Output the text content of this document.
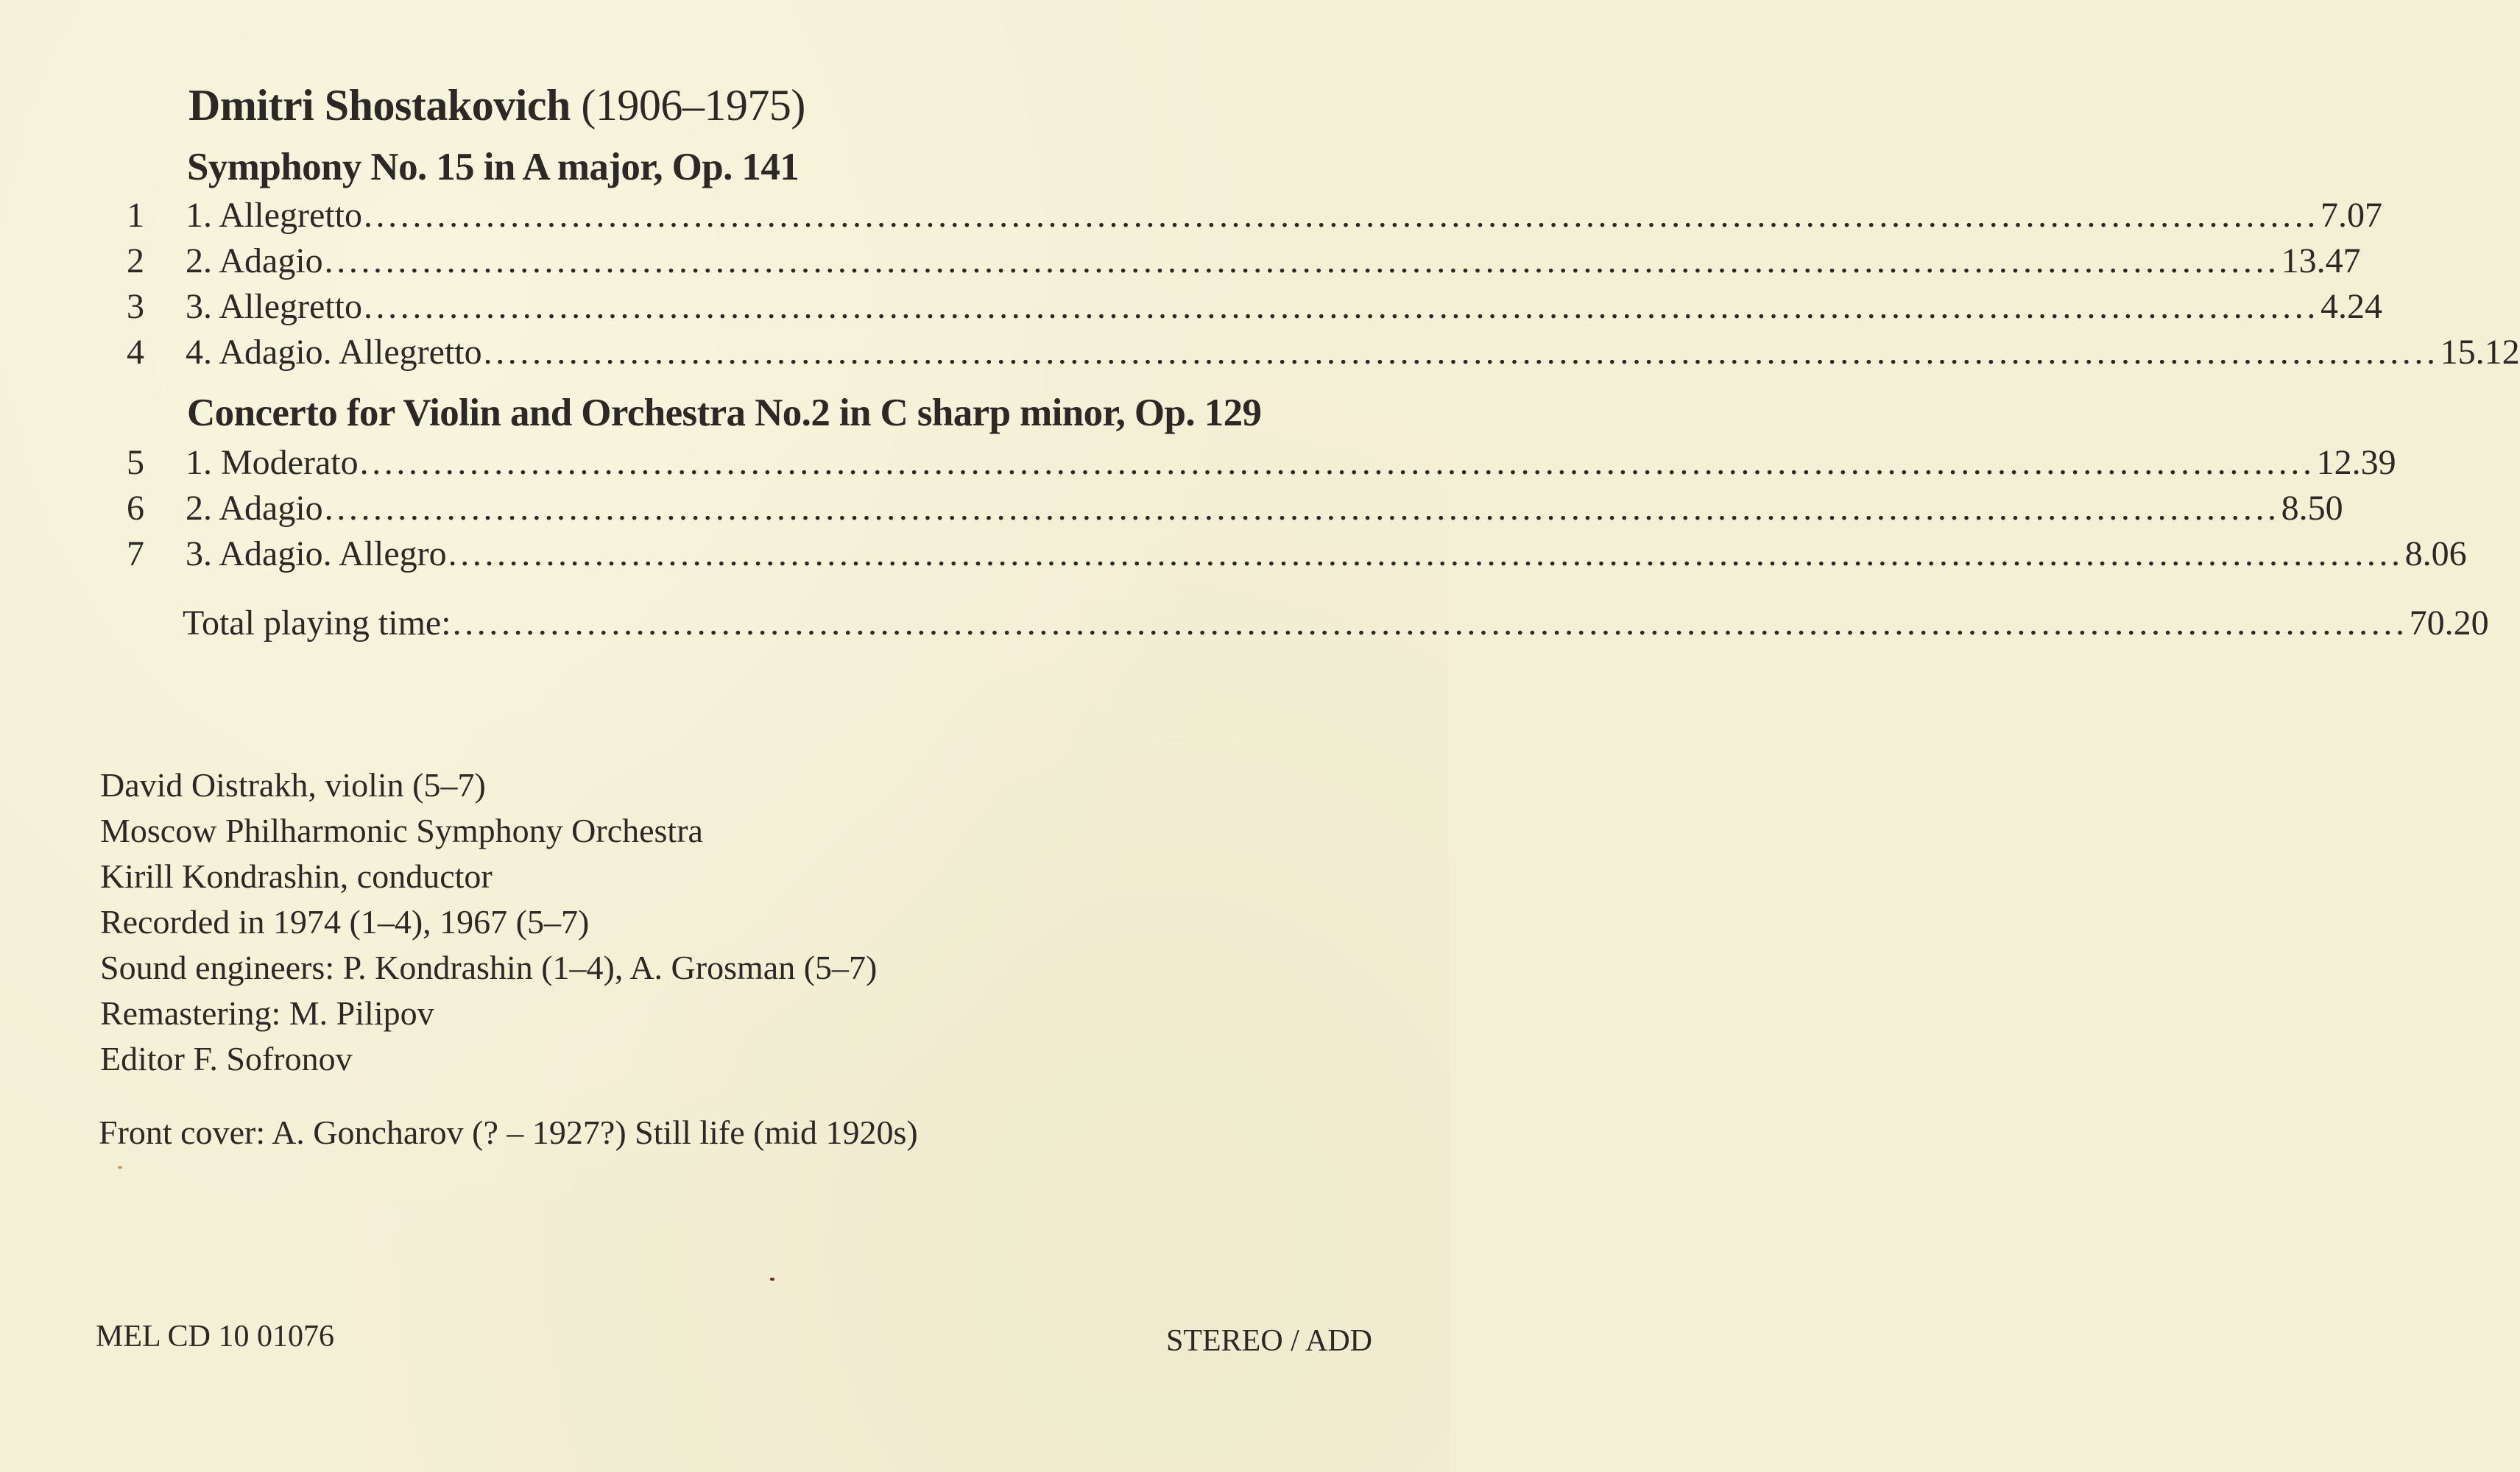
Dmitri Shostakovich (1906–1975)
Symphony No. 15 in A major, Op. 141
1 1. Allegretto ................................................................................................................................................................ 7.07
2 2. Adagio ................................................................................................................................................................ 13.47
3 3. Allegretto ................................................................................................................................................................ 4.24
4 4. Adagio. Allegretto ................................................................................................................................................................ 15.12
Concerto for Violin and Orchestra No.2 in C sharp minor, Op. 129
5 1. Moderato ................................................................................................................................................................ 12.39
6 2. Adagio ................................................................................................................................................................ 8.50
7 3. Adagio. Allegro ................................................................................................................................................................ 8.06
Total playing time: ................................................................................................................................................................ 70.20
David Oistrakh, violin (5–7)
Moscow Philharmonic Symphony Orchestra
Kirill Kondrashin, conductor
Recorded in 1974 (1–4), 1967 (5–7)
Sound engineers: P. Kondrashin (1–4), A. Grosman (5–7)
Remastering: M. Pilipov
Editor F. Sofronov
Front cover: A. Goncharov (? – 1927?) Still life (mid 1920s)
MEL CD 10 01076	STEREO / ADD
